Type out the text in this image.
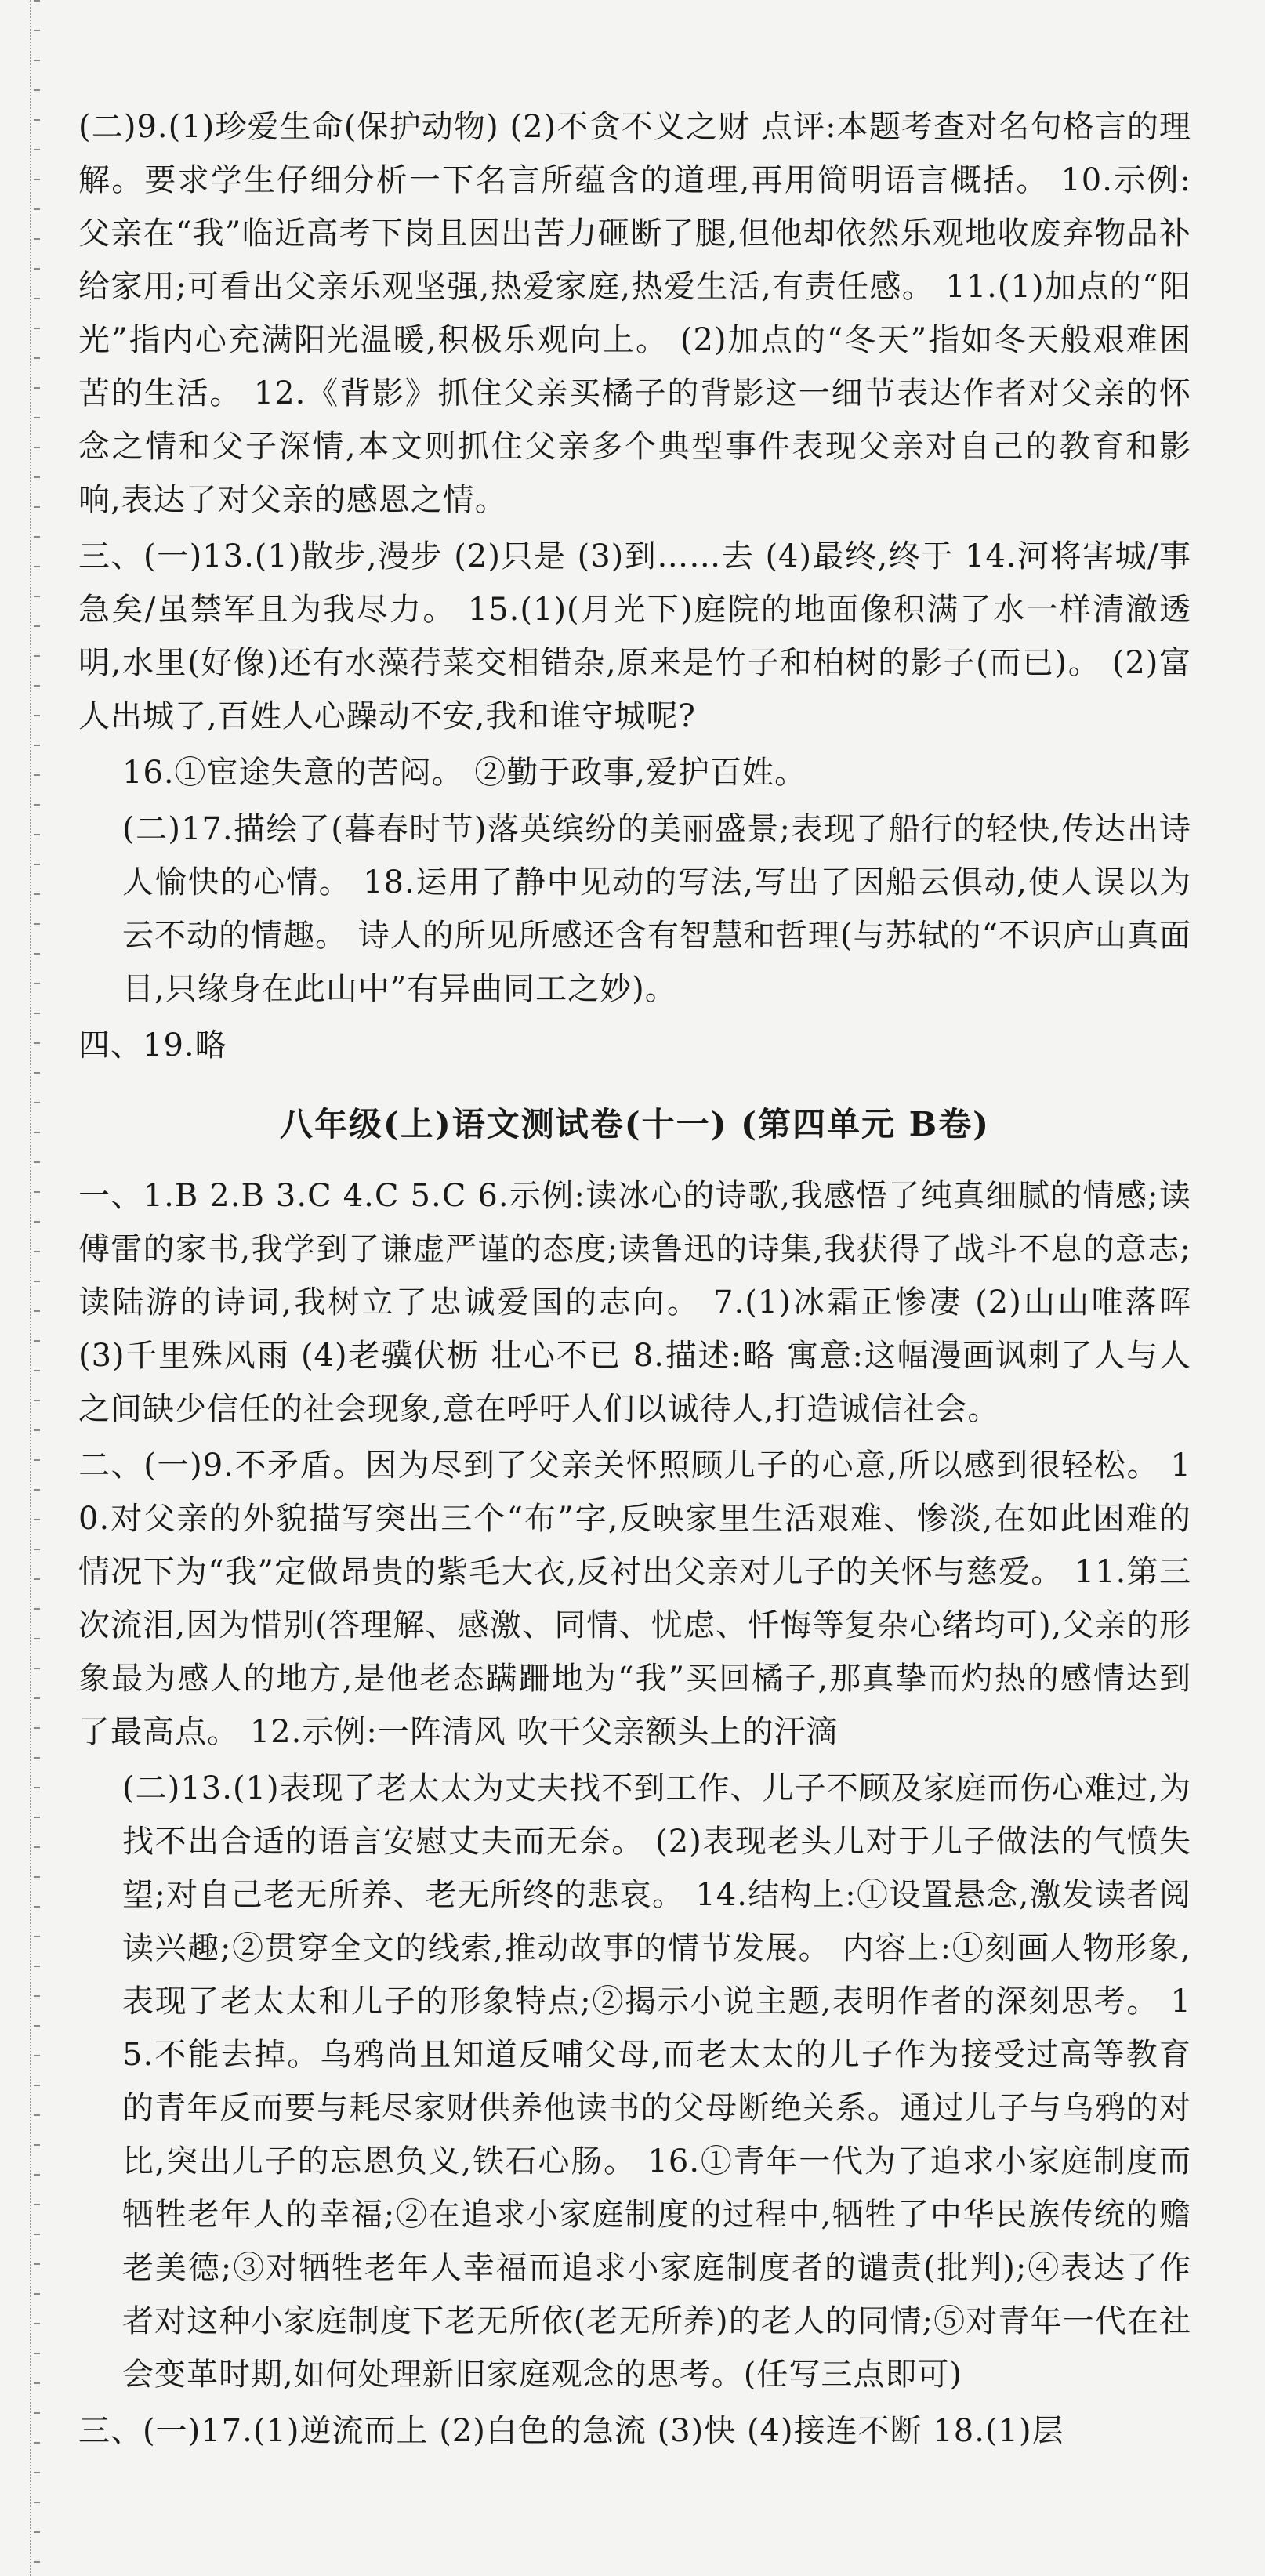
(二)9.(1)珍爱生命(保护动物) (2)不贪不义之财 点评:本题考查对名句格言的理解。要求学生仔细分析一下名言所蕴含的道理,再用简明语言概括。 10.示例:父亲在“我”临近高考下岗且因出苦力砸断了腿,但他却依然乐观地收废弃物品补给家用;可看出父亲乐观坚强,热爱家庭,热爱生活,有责任感。 11.(1)加点的“阳光”指内心充满阳光温暖,积极乐观向上。 (2)加点的“冬天”指如冬天般艰难困苦的生活。 12.《背影》抓住父亲买橘子的背影这一细节表达作者对父亲的怀念之情和父子深情,本文则抓住父亲多个典型事件表现父亲对自己的教育和影响,表达了对父亲的感恩之情。

三、(一)13.(1)散步,漫步 (2)只是 (3)到……去 (4)最终,终于 14.河将害城/事急矣/虽禁军且为我尽力。 15.(1)(月光下)庭院的地面像积满了水一样清澈透明,水里(好像)还有水藻荇菜交相错杂,原来是竹子和柏树的影子(而已)。 (2)富人出城了,百姓人心躁动不安,我和谁守城呢?

16.①宦途失意的苦闷。 ②勤于政事,爱护百姓。

(二)17.描绘了(暮春时节)落英缤纷的美丽盛景;表现了船行的轻快,传达出诗人愉快的心情。 18.运用了静中见动的写法,写出了因船云俱动,使人误以为云不动的情趣。 诗人的所见所感还含有智慧和哲理(与苏轼的“不识庐山真面目,只缘身在此山中”有异曲同工之妙)。

四、19.略

八年级(上)语文测试卷(十一) (第四单元 B卷)

一、1.B 2.B 3.C 4.C 5.C 6.示例:读冰心的诗歌,我感悟了纯真细腻的情感;读傅雷的家书,我学到了谦虚严谨的态度;读鲁迅的诗集,我获得了战斗不息的意志;读陆游的诗词,我树立了忠诚爱国的志向。 7.(1)冰霜正惨凄 (2)山山唯落晖 (3)千里殊风雨 (4)老骥伏枥 壮心不已 8.描述:略 寓意:这幅漫画讽刺了人与人之间缺少信任的社会现象,意在呼吁人们以诚待人,打造诚信社会。

二、(一)9.不矛盾。因为尽到了父亲关怀照顾儿子的心意,所以感到很轻松。 10.对父亲的外貌描写突出三个“布”字,反映家里生活艰难、惨淡,在如此困难的情况下为“我”定做昂贵的紫毛大衣,反衬出父亲对儿子的关怀与慈爱。 11.第三次流泪,因为惜别(答理解、感激、同情、忧虑、忏悔等复杂心绪均可),父亲的形象最为感人的地方,是他老态蹒跚地为“我”买回橘子,那真挚而灼热的感情达到了最高点。 12.示例:一阵清风 吹干父亲额头上的汗滴

(二)13.(1)表现了老太太为丈夫找不到工作、儿子不顾及家庭而伤心难过,为找不出合适的语言安慰丈夫而无奈。 (2)表现老头儿对于儿子做法的气愤失望;对自己老无所养、老无所终的悲哀。 14.结构上:①设置悬念,激发读者阅读兴趣;②贯穿全文的线索,推动故事的情节发展。 内容上:①刻画人物形象,表现了老太太和儿子的形象特点;②揭示小说主题,表明作者的深刻思考。 15.不能去掉。乌鸦尚且知道反哺父母,而老太太的儿子作为接受过高等教育的青年反而要与耗尽家财供养他读书的父母断绝关系。通过儿子与乌鸦的对比,突出儿子的忘恩负义,铁石心肠。 16.①青年一代为了追求小家庭制度而牺牲老年人的幸福;②在追求小家庭制度的过程中,牺牲了中华民族传统的赡老美德;③对牺牲老年人幸福而追求小家庭制度者的谴责(批判);④表达了作者对这种小家庭制度下老无所依(老无所养)的老人的同情;⑤对青年一代在社会变革时期,如何处理新旧家庭观念的思考。(任写三点即可)

三、(一)17.(1)逆流而上 (2)白色的急流 (3)快 (4)接连不断 18.(1)层
